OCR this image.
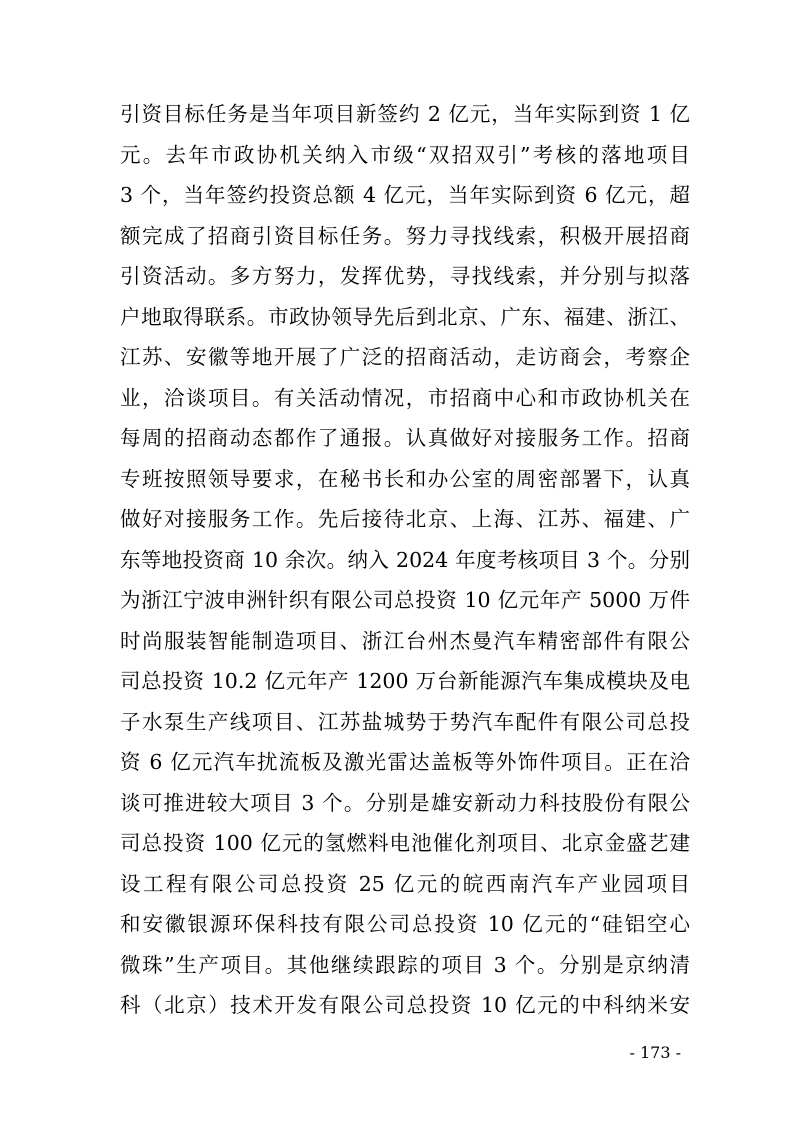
引资目标任务是当年项目新签约 2 亿元，当年实际到资 1 亿
元。去年市政协机关纳入市级“双招双引”考核的落地项目
3 个，当年签约投资总额 4 亿元，当年实际到资 6 亿元，超
额完成了招商引资目标任务。努力寻找线索，积极开展招商
引资活动。多方努力，发挥优势，寻找线索，并分别与拟落
户地取得联系。市政协领导先后到北京、广东、福建、浙江、
江苏、安徽等地开展了广泛的招商活动，走访商会，考察企
业，洽谈项目。有关活动情况，市招商中心和市政协机关在
每周的招商动态都作了通报。认真做好对接服务工作。招商
专班按照领导要求，在秘书长和办公室的周密部署下，认真
做好对接服务工作。先后接待北京、上海、江苏、福建、广
东等地投资商 10 余次。纳入 2024 年度考核项目 3 个。分别
为浙江宁波申洲针织有限公司总投资 10 亿元年产 5000 万件
时尚服装智能制造项目、浙江台州杰曼汽车精密部件有限公
司总投资 10.2 亿元年产 1200 万台新能源汽车集成模块及电
子水泵生产线项目、江苏盐城势于势汽车配件有限公司总投
资 6 亿元汽车扰流板及激光雷达盖板等外饰件项目。正在洽
谈可推进较大项目 3 个。分别是雄安新动力科技股份有限公
司总投资 100 亿元的氢燃料电池催化剂项目、北京金盛艺建
设工程有限公司总投资 25 亿元的皖西南汽车产业园项目
和安徽银源环保科技有限公司总投资 10 亿元的“硅铝空心
微珠”生产项目。其他继续跟踪的项目 3 个。分别是京纳清
科（北京）技术开发有限公司总投资 10 亿元的中科纳米安
- 173 -
